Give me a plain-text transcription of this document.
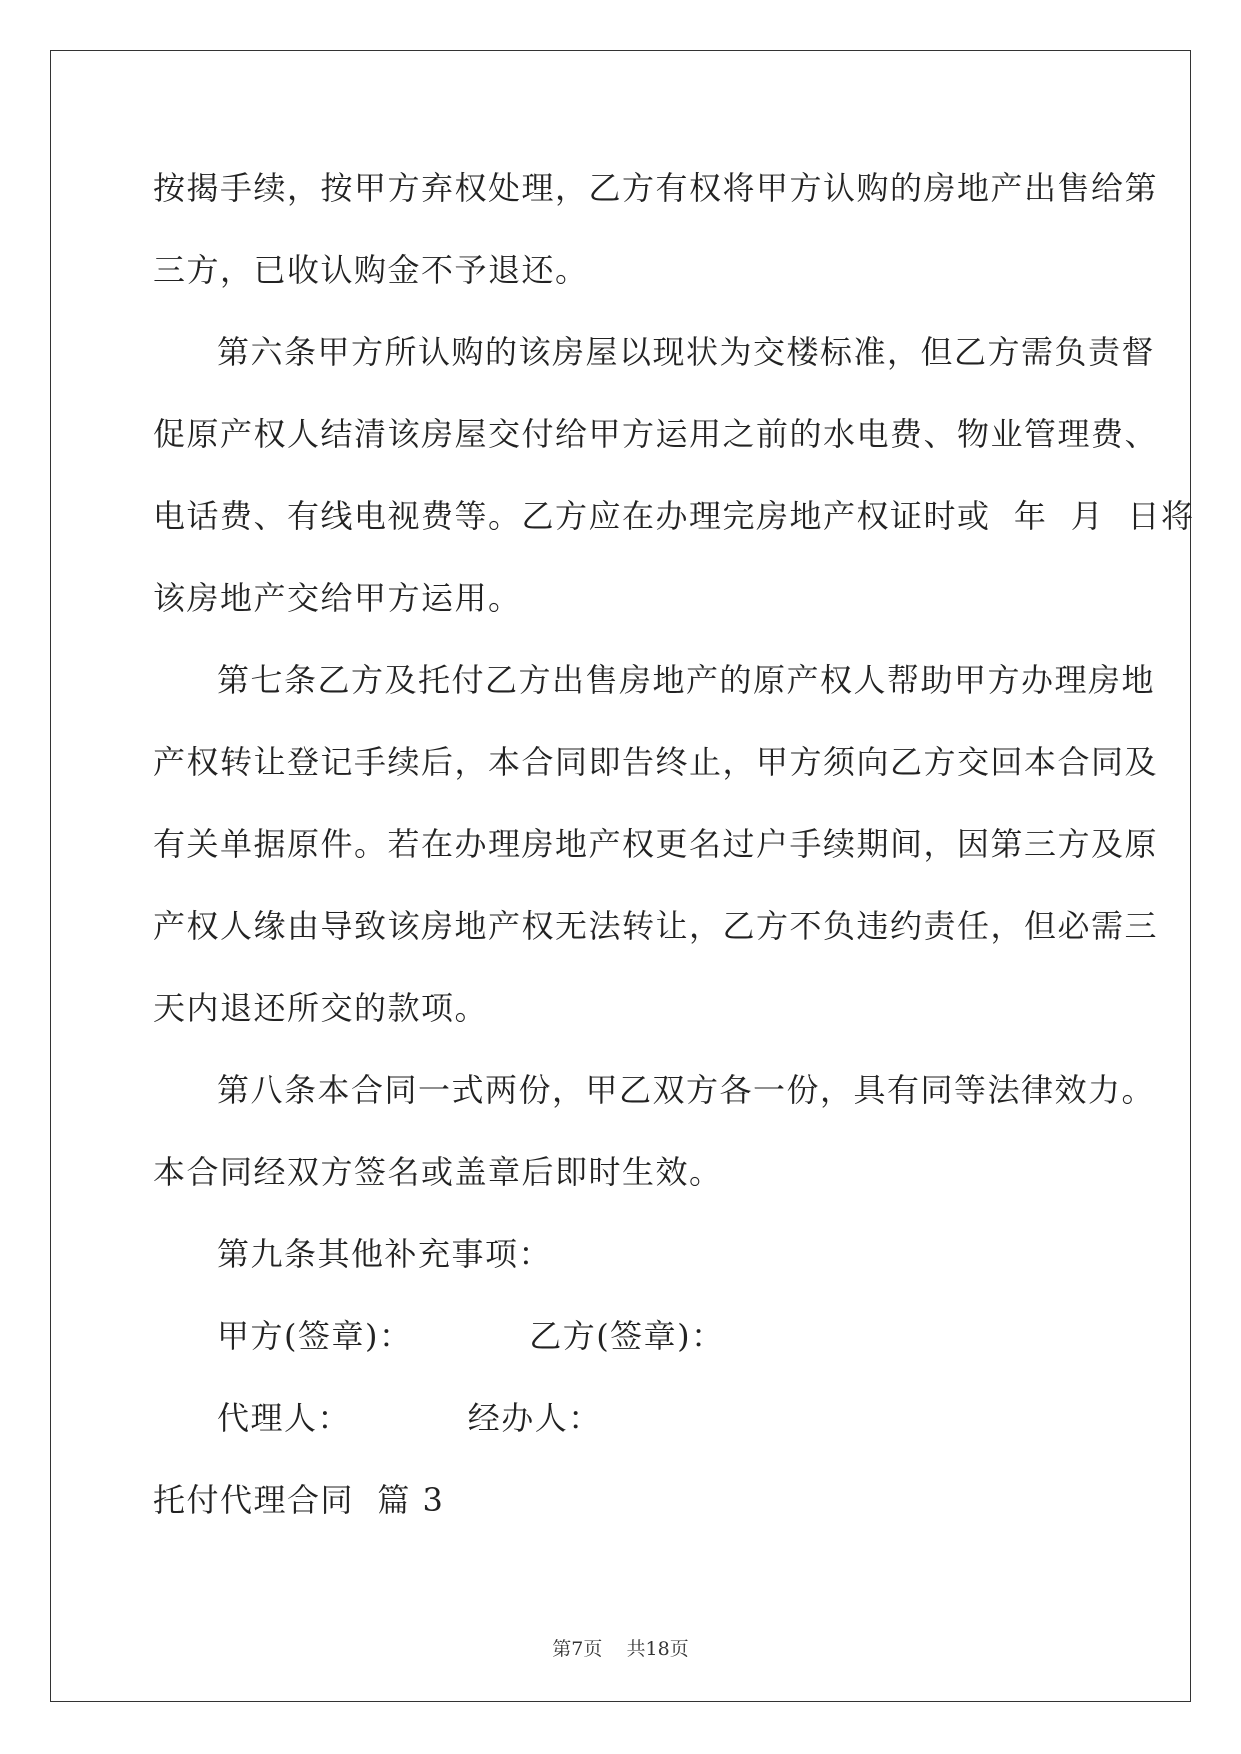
按揭手续，按甲方弃权处理，乙方有权将甲方认购的房地产出售给第
三方，已收认购金不予退还。
第六条甲方所认购的该房屋以现状为交楼标准，但乙方需负责督
促原产权人结清该房屋交付给甲方运用之前的水电费、物业管理费、
电话费、有线电视费等。乙方应在办理完房地产权证时或  年  月  日将
该房地产交给甲方运用。
第七条乙方及托付乙方出售房地产的原产权人帮助甲方办理房地
产权转让登记手续后，本合同即告终止，甲方须向乙方交回本合同及
有关单据原件。若在办理房地产权更名过户手续期间，因第三方及原
产权人缘由导致该房地产权无法转让，乙方不负违约责任，但必需三
天内退还所交的款项。
第八条本合同一式两份，甲乙双方各一份，具有同等法律效力。
本合同经双方签名或盖章后即时生效。
第九条其他补充事项：
甲方(签章)：          乙方(签章)：
代理人：          经办人：
托付代理合同  篇 3
第7页    共18页
